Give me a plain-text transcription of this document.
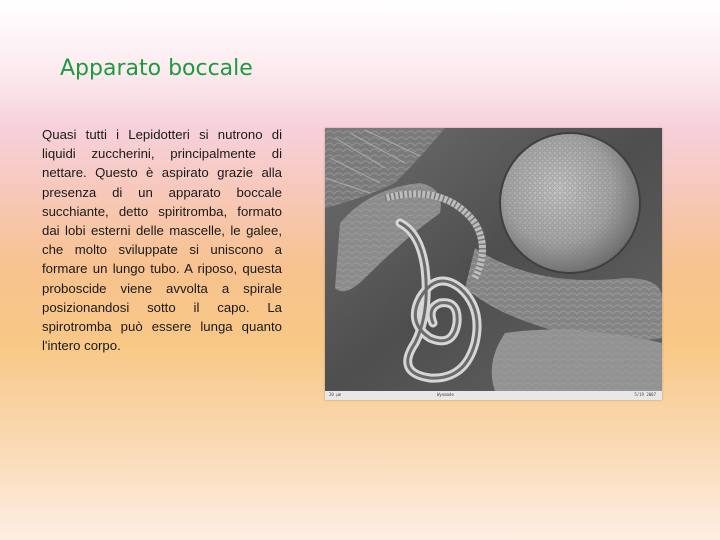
Apparato boccale

Quasi tutti i Lepidotteri si nutrono di liquidi zuccherini, principalmente di nettare. Questo è aspirato grazie alla presenza di un apparato boccale succhiante, detto spiritromba, formato dai lobi esterni delle mascelle, le galee, che molto sviluppate si uniscono a formare un lungo tubo. A riposo, questa proboscide viene avvolta a spirale posizionandosi sotto il capo. La spirotromba può essere lunga quanto l'intero corpo.

20 µm	Wyomade	5/19 2007
